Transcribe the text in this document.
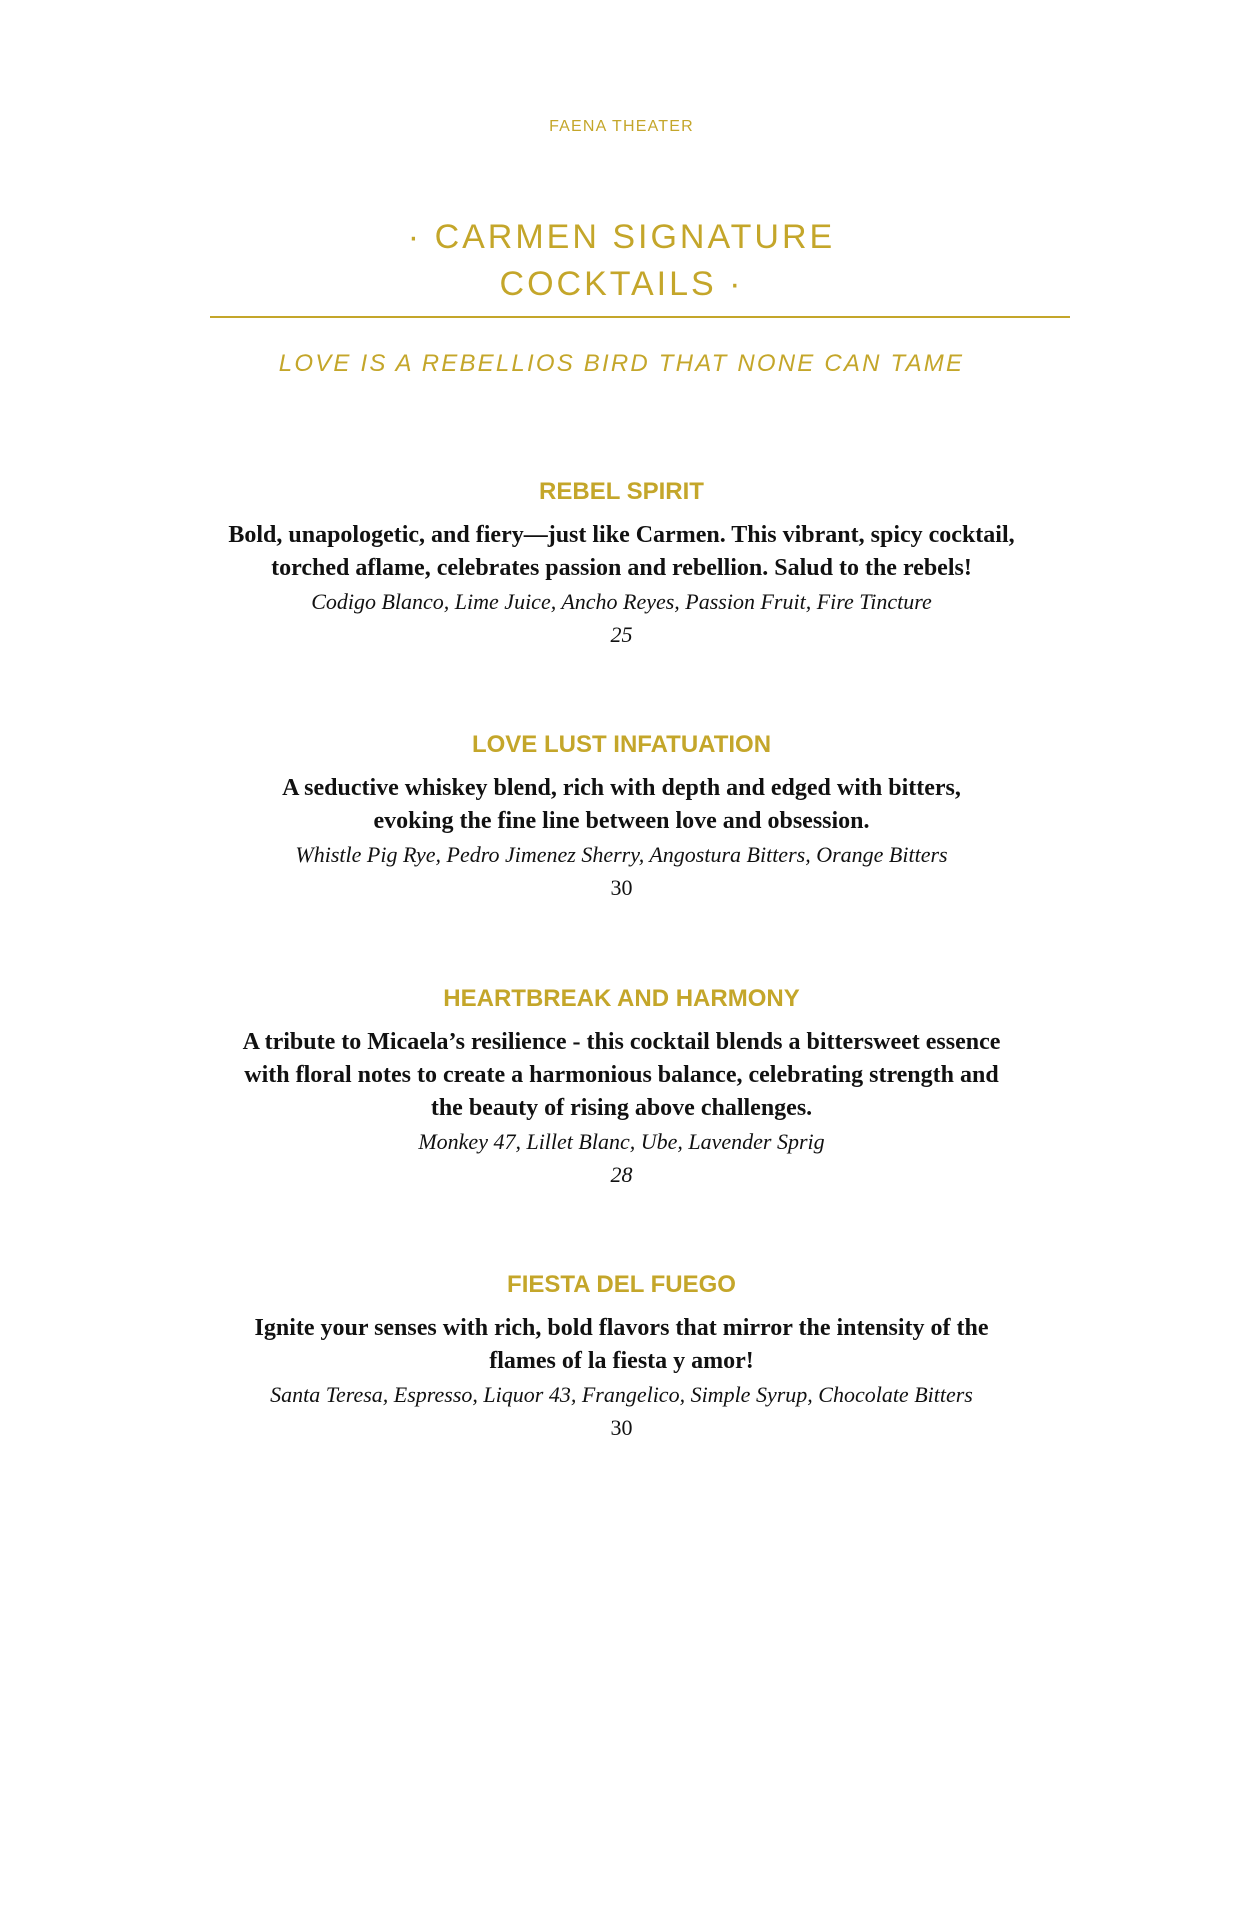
FAENA THEATER
· CARMEN SIGNATURE
COCKTAILS ·
LOVE IS A REBELLIOS BIRD THAT NONE CAN TAME
REBEL SPIRIT
Bold, unapologetic, and fiery—just like Carmen. This vibrant, spicy cocktail,
torched aflame, celebrates passion and rebellion. Salud to the rebels!
Codigo Blanco, Lime Juice, Ancho Reyes, Passion Fruit, Fire Tincture
25
LOVE LUST INFATUATION
A seductive whiskey blend, rich with depth and edged with bitters,
evoking the fine line between love and obsession.
Whistle Pig Rye, Pedro Jimenez Sherry, Angostura Bitters, Orange Bitters
30
HEARTBREAK AND HARMONY
A tribute to Micaela’s resilience - this cocktail blends a bittersweet essence
with floral notes to create a harmonious balance, celebrating strength and
the beauty of rising above challenges.
Monkey 47, Lillet Blanc, Ube, Lavender Sprig
28
FIESTA DEL FUEGO
Ignite your senses with rich, bold flavors that mirror the intensity of the
flames of la fiesta y amor!
Santa Teresa, Espresso, Liquor 43, Frangelico, Simple Syrup, Chocolate Bitters
30
